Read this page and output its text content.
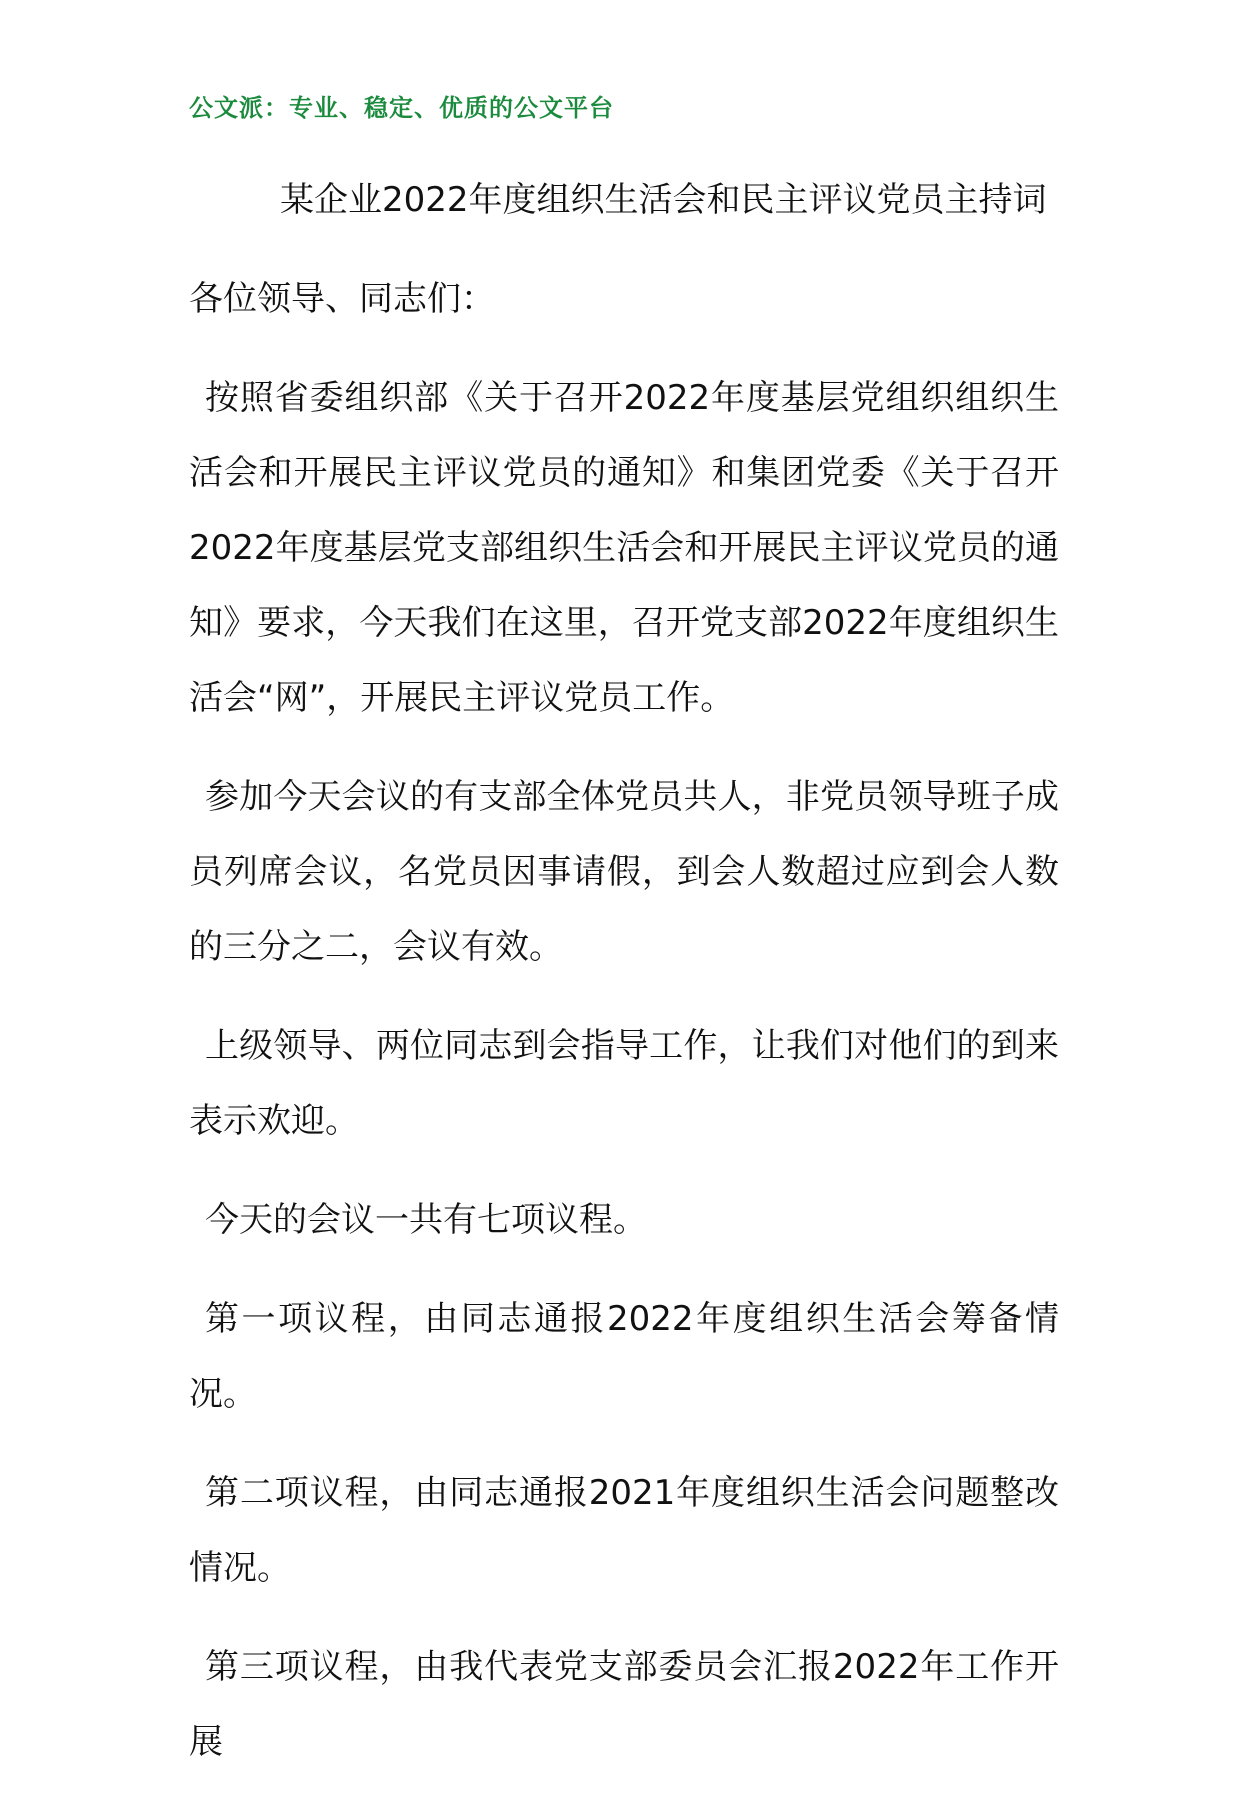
公文派：专业、稳定、优质的公文平台
某企业2022年度组织生活会和民主评议党员主持词

各位领导、同志们：

按照省委组织部《关于召开2022年度基层党组织组织生活会和开展民主评议党员的通知》和集团党委《关于召开2022年度基层党支部组织生活会和开展民主评议党员的通知》要求，今天我们在这里，召开党支部2022年度组织生活会“网”，开展民主评议党员工作。

参加今天会议的有支部全体党员共人，非党员领导班子成员列席会议，名党员因事请假，到会人数超过应到会人数的三分之二，会议有效。

上级领导、两位同志到会指导工作，让我们对他们的到来表示欢迎。

今天的会议一共有七项议程。

第一项议程，由同志通报2022年度组织生活会筹备情况。

第二项议程，由同志通报2021年度组织生活会问题整改情况。

第三项议程，由我代表党支部委员会汇报2022年工作开展
